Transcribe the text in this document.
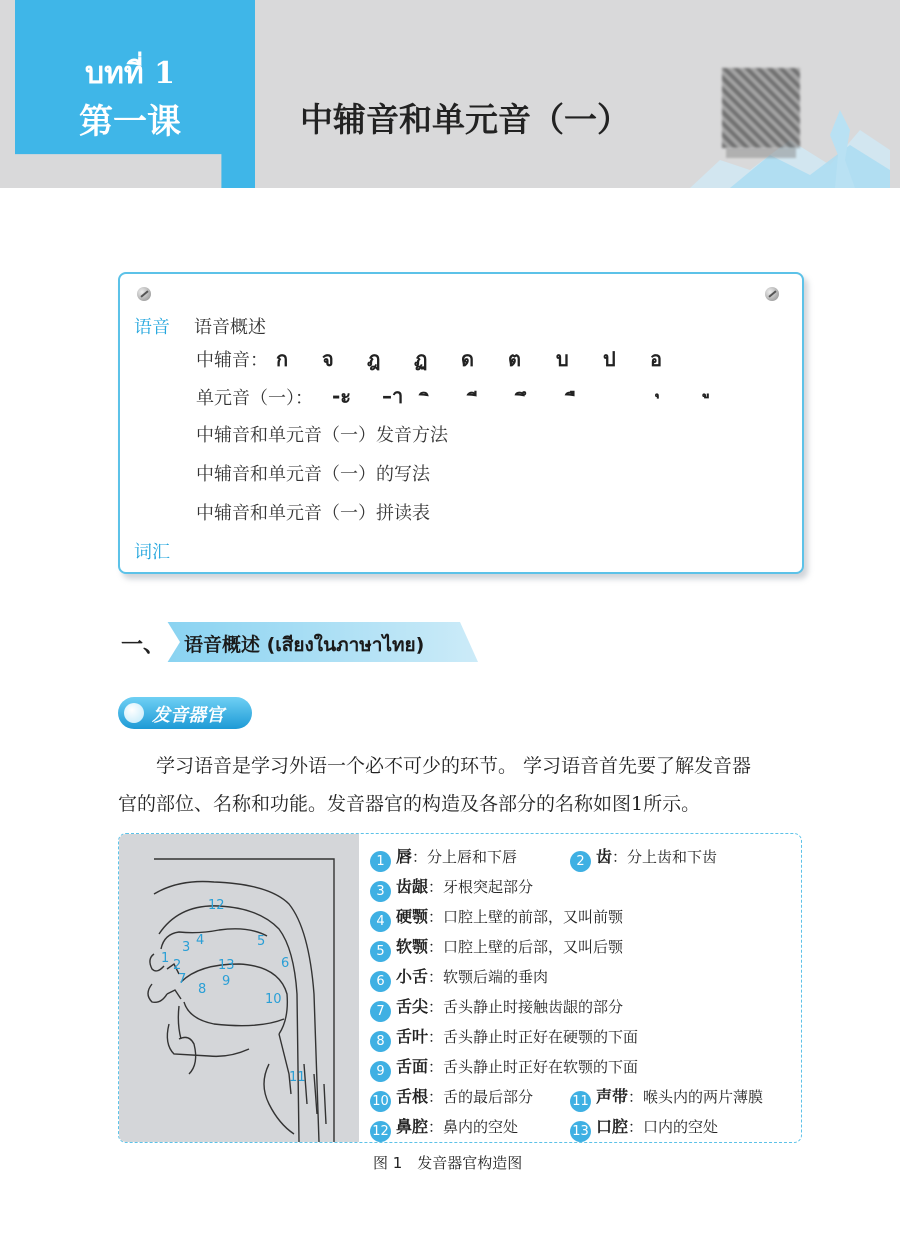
บทที่ 1
第一课	中辅音和单元音（一）
语音 语音概述
中辅音： ก จ ฎ ฏ ด ต บ ป อ
单元音（一）： -ะ –า
中辅音和单元音（一）发音方法
中辅音和单元音（一）的写法
中辅音和单元音（一）拼读表
词汇
一、 语音概述 (เสียงในภาษาไทย)
发音器官
学习语音是学习外语一个必不可少的环节。 学习语音首先要了解发音器
官的部位、名称和功能。发音器官的构造及各部分的名称如图1所示。
12
3 4	5
1 2
7
13
9
6
8
10
11
1 唇：分上唇和下唇	2 齿：分上齿和下齿
3 齿龈：牙根突起部分
4 硬颚：口腔上壁的前部，又叫前颚
5 软颚：口腔上壁的后部，又叫后颚
6 小舌：软颚后端的垂肉
7 舌尖：舌头静止时接触齿龈的部分
8 舌叶：舌头静止时正好在硬颚的下面
9 舌面：舌头静止时正好在软颚的下面
10 舌根：舌的最后部分	11 声带：喉头内的两片薄膜
12 鼻腔：鼻内的空处	13 口腔：口内的空处
图 1　发音器官构造图
